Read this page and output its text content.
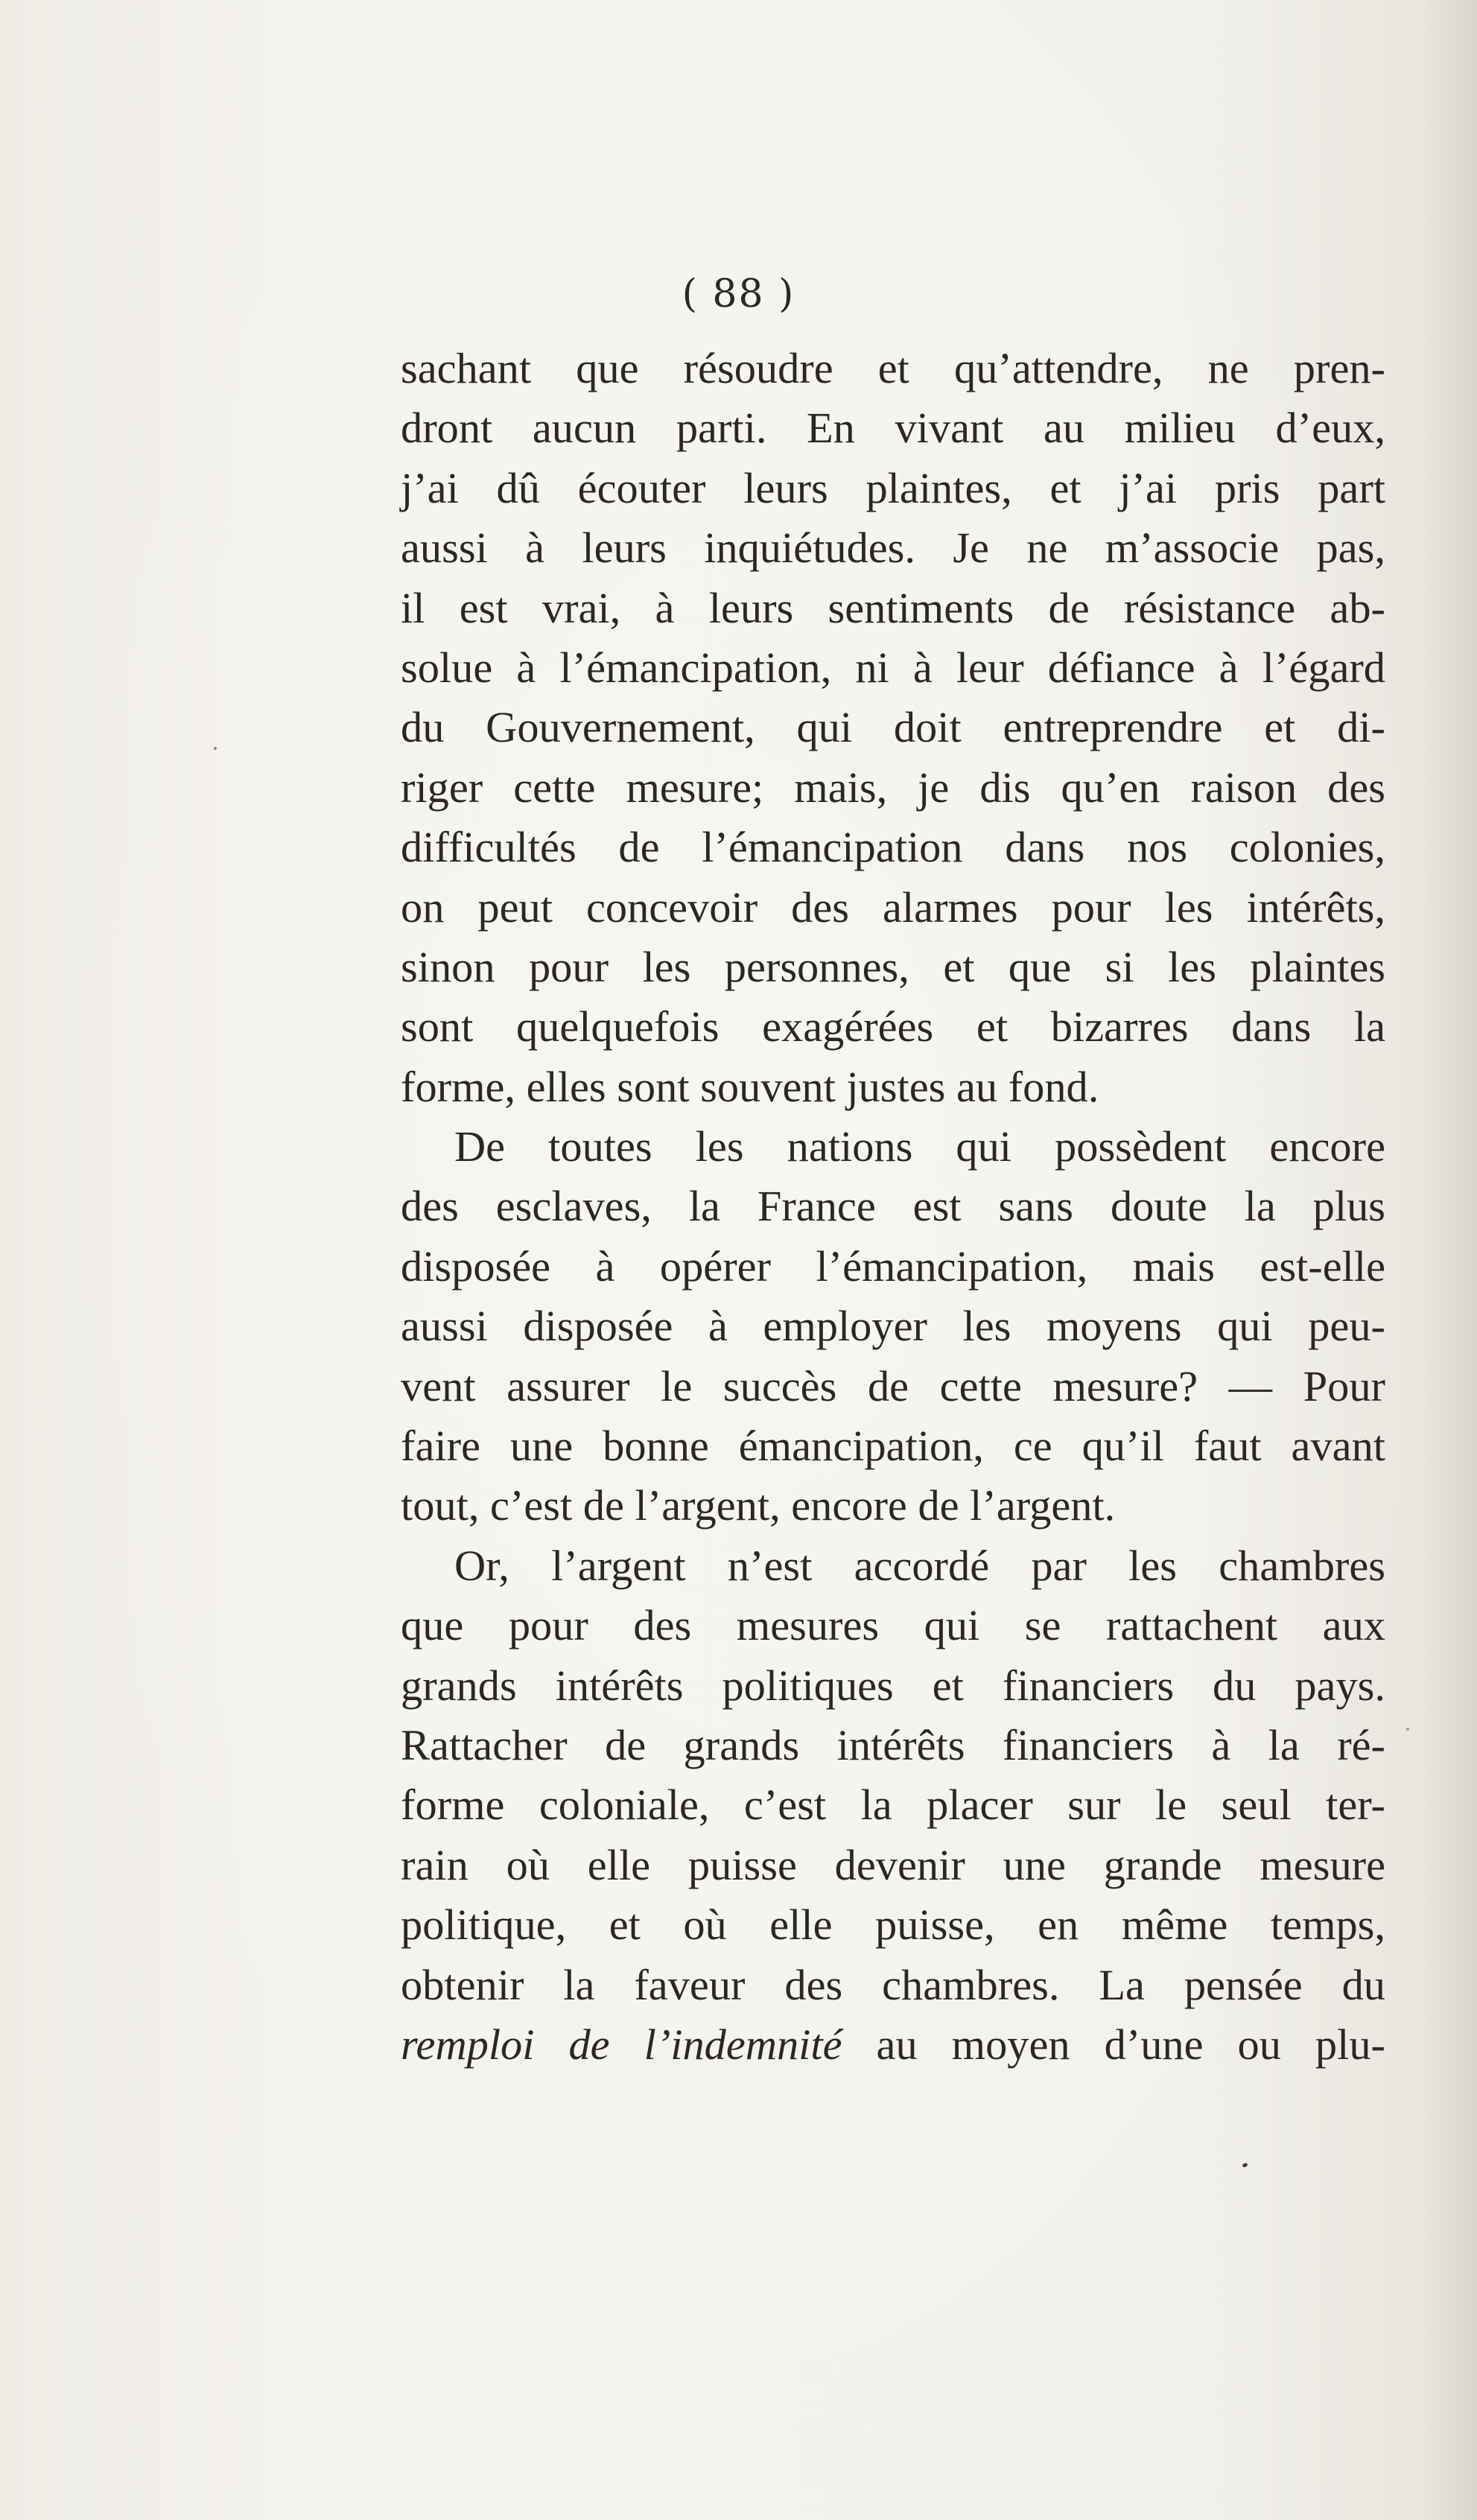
( 88 )
sachant que résoudre et qu’attendre, ne pren-
dront aucun parti. En vivant au milieu d’eux,
j’ai dû écouter leurs plaintes, et j’ai pris part
aussi à leurs inquiétudes. Je ne m’associe pas,
il est vrai, à leurs sentiments de résistance ab-
solue à l’émancipation, ni à leur défiance à l’égard
du Gouvernement, qui doit entreprendre et di-
riger cette mesure; mais, je dis qu’en raison des
difficultés de l’émancipation dans nos colonies,
on peut concevoir des alarmes pour les intérêts,
sinon pour les personnes, et que si les plaintes
sont quelquefois exagérées et bizarres dans la
forme, elles sont souvent justes au fond.
De toutes les nations qui possèdent encore
des esclaves, la France est sans doute la plus
disposée à opérer l’émancipation, mais est-elle
aussi disposée à employer les moyens qui peu-
vent assurer le succès de cette mesure? — Pour
faire une bonne émancipation, ce qu’il faut avant
tout, c’est de l’argent, encore de l’argent.
Or, l’argent n’est accordé par les chambres
que pour des mesures qui se rattachent aux
grands intérêts politiques et financiers du pays.
Rattacher de grands intérêts financiers à la ré-
forme coloniale, c’est la placer sur le seul ter-
rain où elle puisse devenir une grande mesure
politique, et où elle puisse, en même temps,
obtenir la faveur des chambres. La pensée du
remploi de l’indemnité au moyen d’une ou plu-
